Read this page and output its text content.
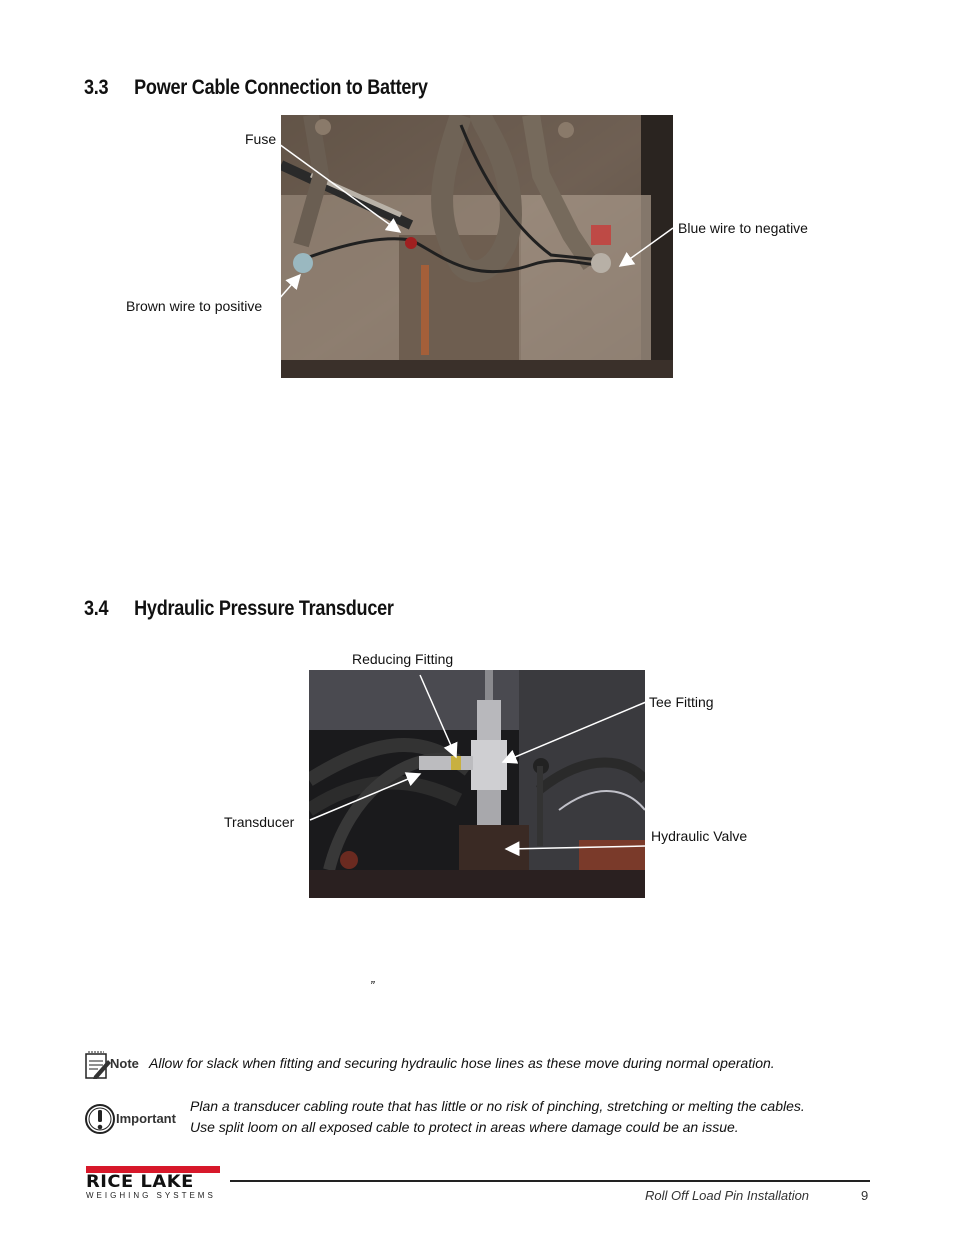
3.3 Power Cable Connection to Battery
Fuse
Blue wire to negative
Brown wire to positive
3.4 Hydraulic Pressure Transducer
Reducing Fitting
Tee Fitting
Transducer
Hydraulic Valve
”
Note Allow for slack when fitting and securing hydraulic hose lines as these move during normal operation.
Important
Plan a transducer cabling route that has little or no risk of pinching, stretching or melting the cables.
Use split loom on all exposed cable to protect in areas where damage could be an issue.
RICE LAKE
WEIGHING SYSTEMS	Roll Off Load Pin Installation	9
